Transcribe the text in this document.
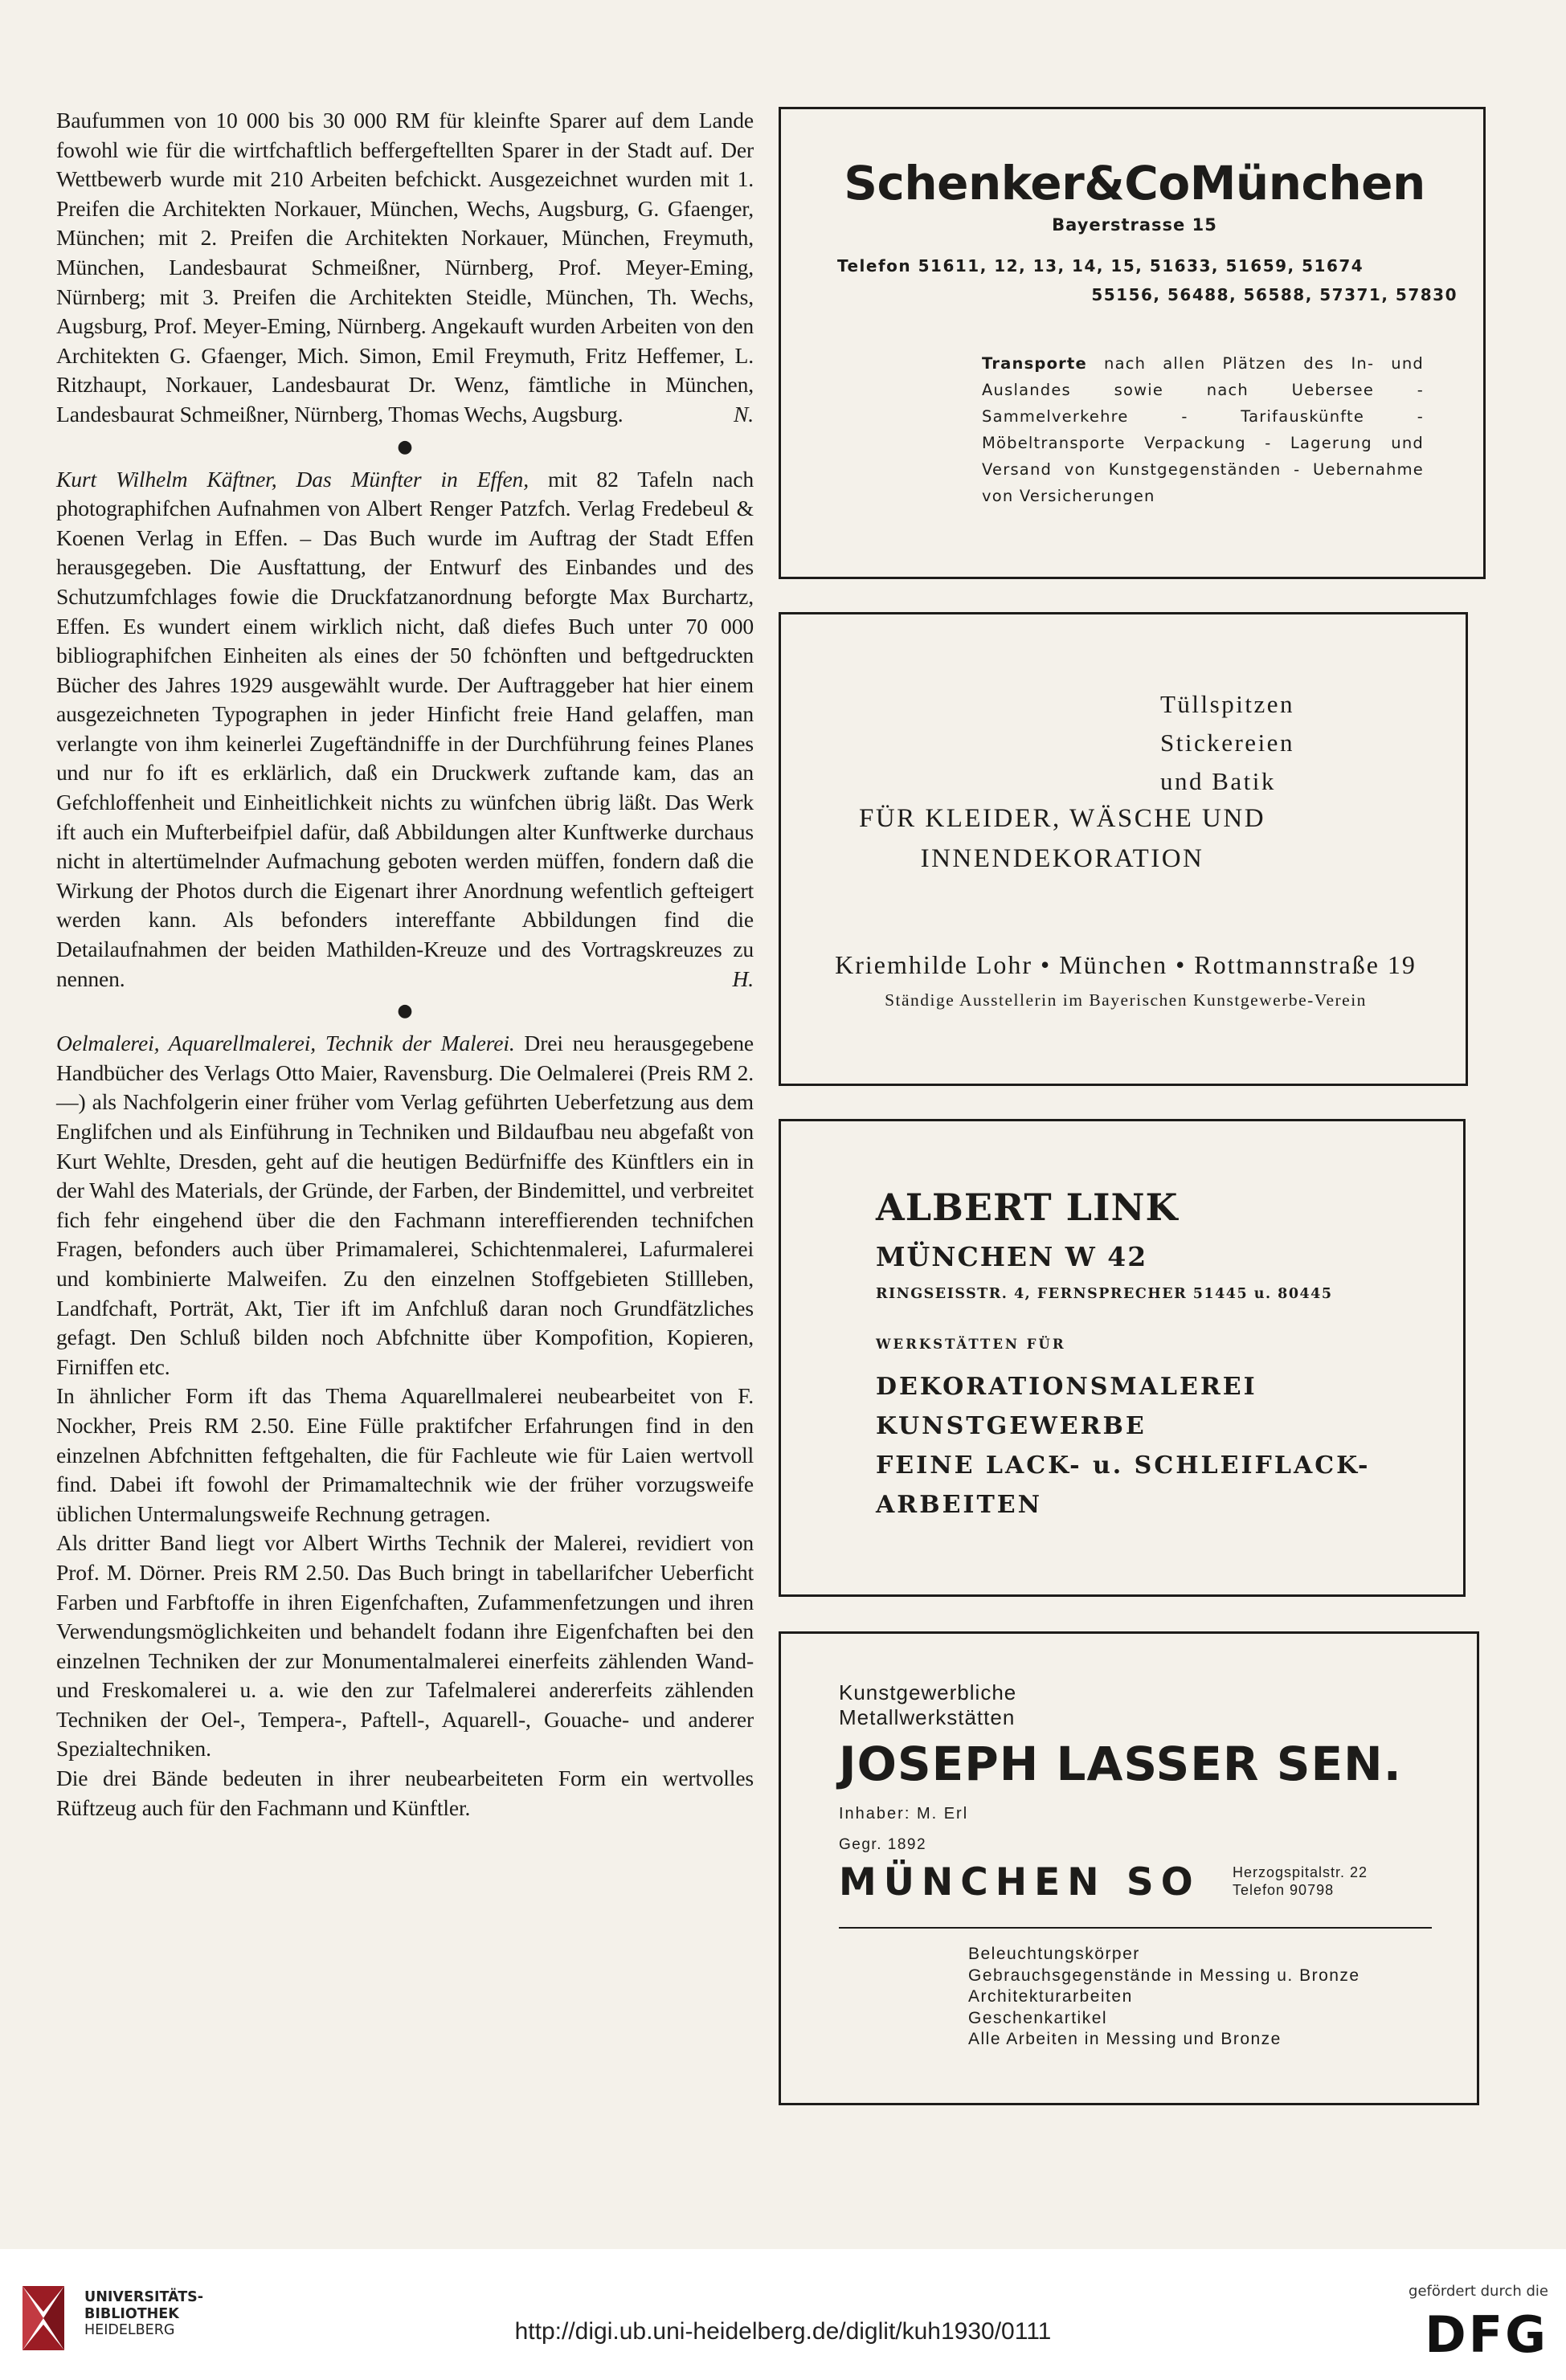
Baufummen von 10 000 bis 30 000 RM für kleinfte Sparer auf dem Lande fowohl wie für die wirtfchaftlich beffergeftellten Sparer in der Stadt auf. Der Wettbewerb wurde mit 210 Arbeiten befchickt. Ausgezeichnet wurden mit 1. Preifen die Architekten Norkauer, München, Wechs, Augsburg, G. Gfaenger, München; mit 2. Preifen die Architekten Norkauer, München, Freymuth, München, Landesbaurat Schmeißner, Nürnberg, Prof. Meyer-Eming, Nürnberg; mit 3. Preifen die Architekten Steidle, München, Th. Wechs, Augsburg, Prof. Meyer-Eming, Nürnberg. Angekauft wurden Arbeiten von den Architekten G. Gfaenger, Mich. Simon, Emil Freymuth, Fritz Heffemer, L. Ritzhaupt, Norkauer, Landesbaurat Dr. Wenz, fämtliche in München, Landesbaurat Schmeißner, Nürnberg, Thomas Wechs, Augsburg.	N.

●

Kurt Wilhelm Käftner, Das Münfter in Effen, mit 82 Tafeln nach photographifchen Aufnahmen von Albert Renger Patzfch. Verlag Fredebeul & Koenen Verlag in Effen. – Das Buch wurde im Auftrag der Stadt Effen herausgegeben. Die Ausftattung, der Entwurf des Einbandes und des Schutzumfchlages fowie die Druckfatzanordnung beforgte Max Burchartz, Effen. Es wundert einem wirklich nicht, daß diefes Buch unter 70 000 bibliographifchen Einheiten als eines der 50 fchönften und beftgedruckten Bücher des Jahres 1929 ausgewählt wurde. Der Auftraggeber hat hier einem ausgezeichneten Typographen in jeder Hinficht freie Hand gelaffen, man verlangte von ihm keinerlei Zugeftändniffe in der Durchführung feines Planes und nur fo ift es erklärlich, daß ein Druckwerk zuftande kam, das an Gefchloffenheit und Einheitlichkeit nichts zu wünfchen übrig läßt. Das Werk ift auch ein Mufterbeifpiel dafür, daß Abbildungen alter Kunftwerke durchaus nicht in altertümelnder Aufmachung geboten werden müffen, fondern daß die Wirkung der Photos durch die Eigenart ihrer Anordnung wefentlich gefteigert werden kann. Als befonders intereffante Abbildungen find die Detailaufnahmen der beiden Mathilden-Kreuze und des Vortragskreuzes zu nennen.	H.

●

Oelmalerei, Aquarellmalerei, Technik der Malerei. Drei neu herausgegebene Handbücher des Verlags Otto Maier, Ravensburg. Die Oelmalerei (Preis RM 2.—) als Nachfolgerin einer früher vom Verlag geführten Ueberfetzung aus dem Englifchen und als Einführung in Techniken und Bildaufbau neu abgefaßt von Kurt Wehlte, Dresden, geht auf die heutigen Bedürfniffe des Künftlers ein in der Wahl des Materials, der Gründe, der Farben, der Bindemittel, und verbreitet fich fehr eingehend über die den Fachmann intereffierenden technifchen Fragen, befonders auch über Primamalerei, Schichtenmalerei, Lafurmalerei und kombinierte Malweifen. Zu den einzelnen Stoffgebieten Stillleben, Landfchaft, Porträt, Akt, Tier ift im Anfchluß daran noch Grundfätzliches gefagt. Den Schluß bilden noch Abfchnitte über Kompofition, Kopieren, Firniffen etc.

In ähnlicher Form ift das Thema Aquarellmalerei neubearbeitet von F. Nockher, Preis RM 2.50. Eine Fülle praktifcher Erfahrungen find in den einzelnen Abfchnitten feftgehalten, die für Fachleute wie für Laien wertvoll find. Dabei ift fowohl der Primamaltechnik wie der früher vorzugsweife üblichen Untermalungsweife Rechnung getragen.

Als dritter Band liegt vor Albert Wirths Technik der Malerei, revidiert von Prof. M. Dörner. Preis RM 2.50. Das Buch bringt in tabellarifcher Ueberficht Farben und Farbftoffe in ihren Eigenfchaften, Zufammenfetzungen und ihren Verwendungsmöglichkeiten und behandelt fodann ihre Eigenfchaften bei den einzelnen Techniken der zur Monumentalmalerei einerfeits zählenden Wand- und Freskomalerei u. a. wie den zur Tafelmalerei andererfeits zählenden Techniken der Oel-, Tempera-, Paftell-, Aquarell-, Gouache- und anderer Spezialtechniken.

Die drei Bände bedeuten in ihrer neubearbeiteten Form ein wertvolles Rüftzeug auch für den Fachmann und Künftler.

Schenker&CoMünchen
Bayerstrasse 15
Telefon 51611, 12, 13, 14, 15, 51633, 51659, 51674
55156, 56488, 56588, 57371, 57830
Transporte nach allen Plätzen des In- und Auslandes sowie nach Uebersee - Sammelverkehre - Tarifauskünfte - Möbeltransporte Verpackung - Lagerung und Versand von Kunstgegenständen - Uebernahme von Versicherungen
Tüllspitzen
Stickereien
und Batik
FÜR KLEIDER, WÄSCHE UND
INNENDEKORATION
Kriemhilde Lohr • München • Rottmannstraße 19
Ständige Ausstellerin im Bayerischen Kunstgewerbe-Verein
ALBERT LINK
MÜNCHEN W 42
RINGSEISSTR. 4, FERNSPRECHER 51445 u. 80445
WERKSTÄTTEN FÜR
DEKORATIONSMALEREI
KUNSTGEWERBE
FEINE LACK- u. SCHLEIFLACK-
ARBEITEN
Kunstgewerbliche
Metallwerkstätten
JOSEPH LASSER SEN.
Inhaber: M. Erl
Gegr. 1892
MÜNCHEN SO Herzogspitalstr. 22
Telefon 90798
Beleuchtungskörper
Gebrauchsgegenstände in Messing u. Bronze
Architekturarbeiten
Geschenkartikel
Alle Arbeiten in Messing und Bronze
UNIVERSITÄTS-
BIBLIOTHEK
HEIDELBERG	http://digi.ub.uni-heidelberg.de/diglit/kuh1930/0111
gefördert durch die
DFG
